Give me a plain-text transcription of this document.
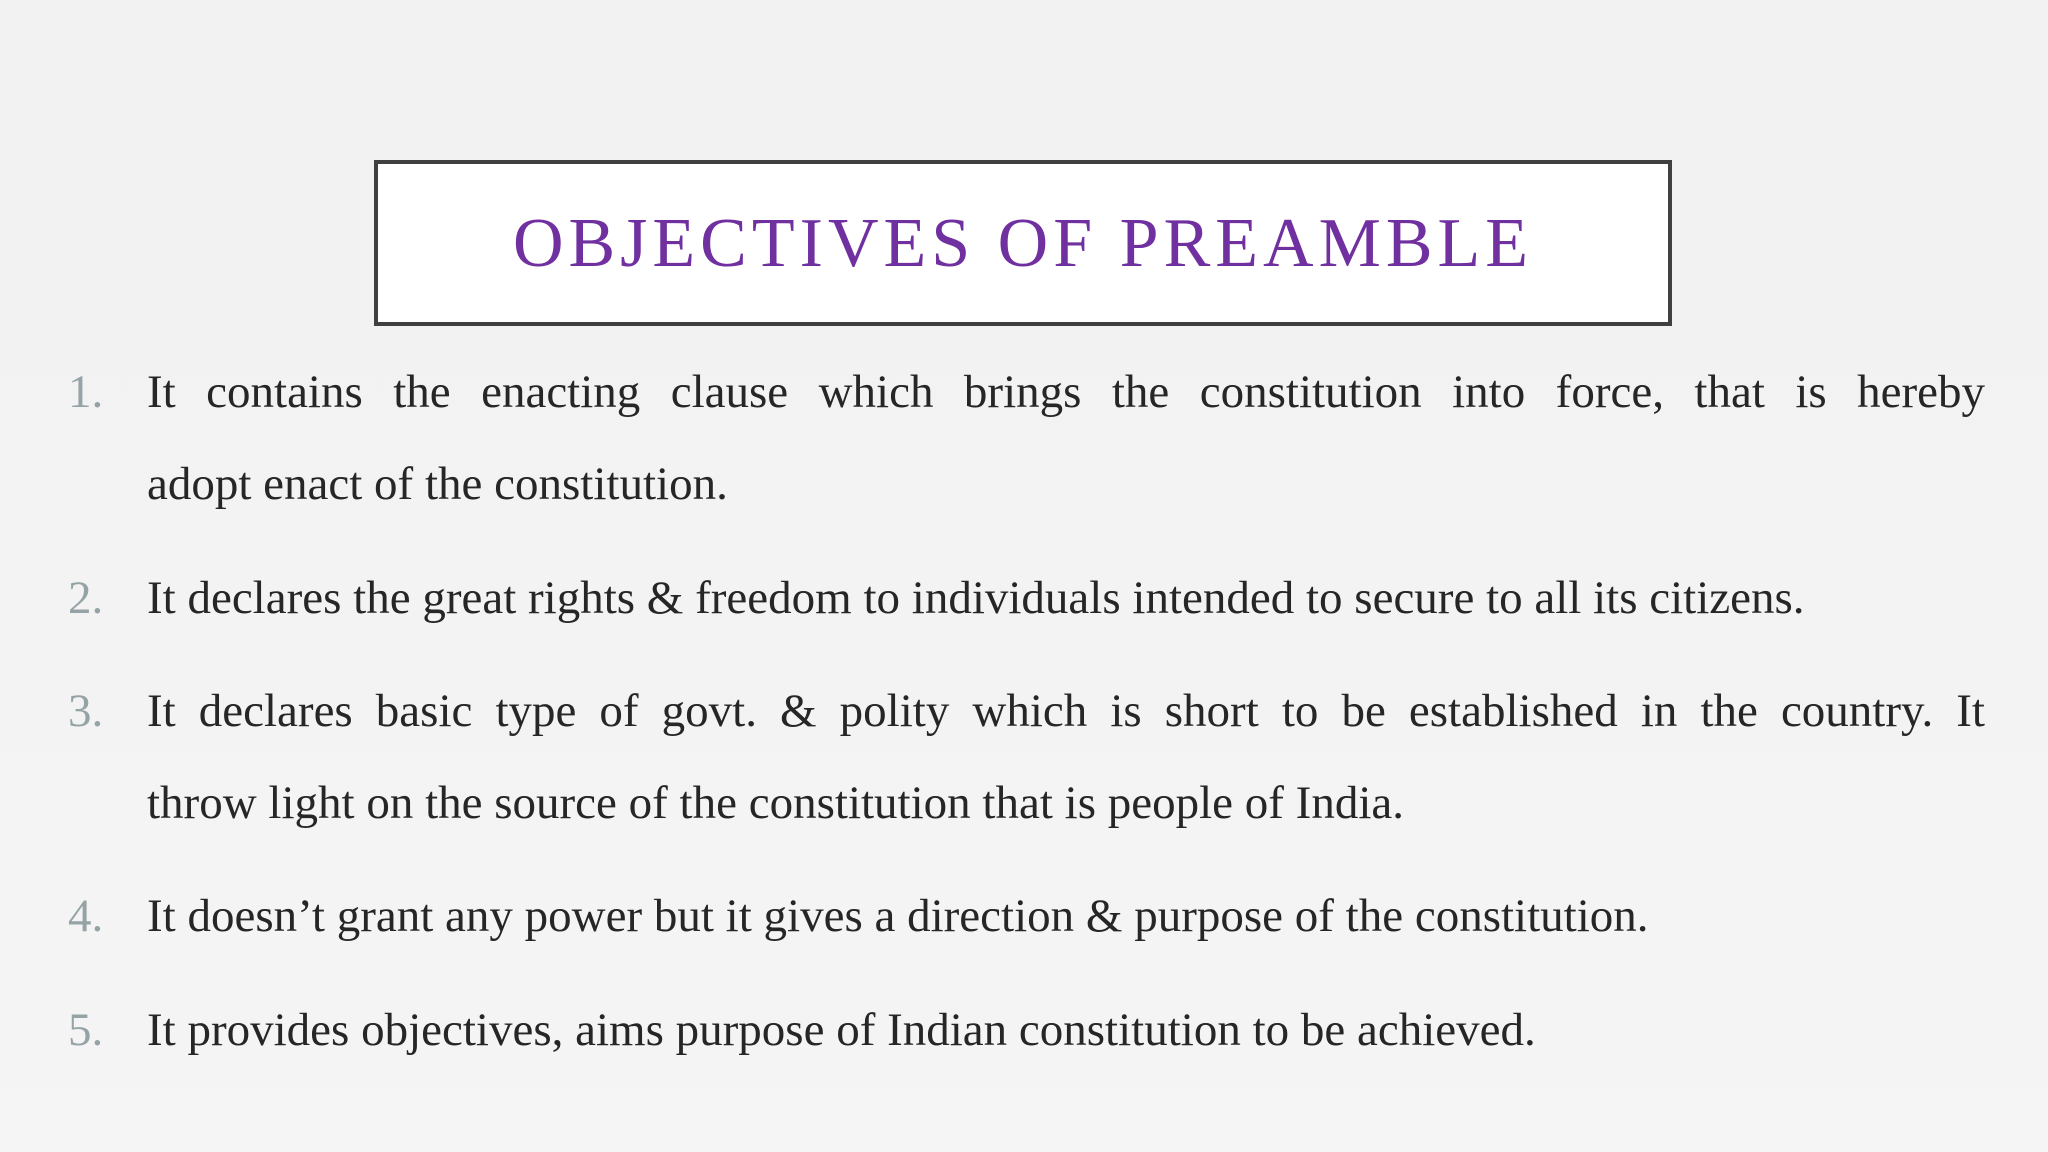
OBJECTIVES OF PREAMBLE
1. It contains the enacting clause which brings the constitution into force, that is hereby
adopt enact of the constitution.
2. It declares the great rights & freedom to individuals intended to secure to all its citizens.
3. It declares basic type of govt. & polity which is short to be established in the country. It
throw light on the source of the constitution that is people of India.
4. It doesn’t grant any power but it gives a direction & purpose of the constitution.
5. It provides objectives, aims purpose of Indian constitution to be achieved.
